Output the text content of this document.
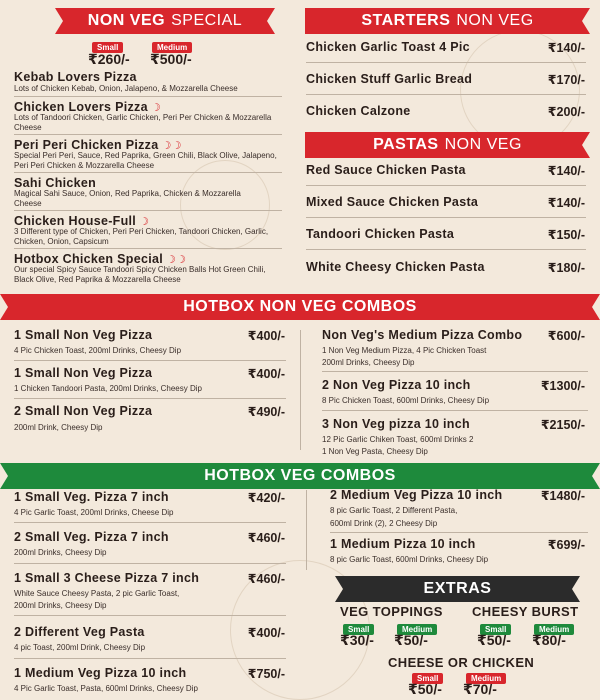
NON VEG SPECIAL
Small	Medium
₹260/- ₹500/-
Kebab Lovers Pizza
Lots of Chicken Kebab, Onion, Jalapeno, & Mozzarella Cheese
Chicken Lovers Pizza ☽
Lots of Tandoori Chicken, Garlic Chicken, Peri Per Chicken & Mozzarella Cheese
Peri Peri Chicken Pizza ☽☽
Special Peri Peri, Sauce, Red Paprika, Green Chili, Black Olive, Jalapeno, Peri Peri Chicken & Mozzarella Cheese
Sahi Chicken
Magical Sahi Sauce, Onion, Red Paprika, Chicken & Mozzarella Cheese
Chicken House-Full ☽
3 Different type of Chicken, Peri Peri Chicken, Tandoori Chicken, Garlic, Chicken, Onion, Capsicum
Hotbox Chicken Special ☽☽
Our special Spicy Sauce Tandoori Spicy Chicken Balls Hot Green Chili, Black Olive, Red Paprika & Mozzarella Cheese
STARTERS NON VEG
Chicken Garlic Toast 4 Pic	₹140/-
Chicken Stuff Garlic Bread	₹170/-
Chicken Calzone	₹200/-
PASTAS NON VEG
Red Sauce Chicken Pasta	₹140/-
Mixed Sauce Chicken Pasta	₹140/-
Tandoori Chicken Pasta	₹150/-
White Cheesy Chicken Pasta	₹180/-
HOTBOX NON VEG COMBOS
1 Small Non Veg Pizza	₹400/-
4 Pic Chicken Toast, 200ml Drinks, Cheesy Dip
1 Small Non Veg Pizza	₹400/-
1 Chicken Tandoori Pasta, 200ml Drinks, Cheesy Dip
2 Small Non Veg Pizza	₹490/-
200ml Drink, Cheesy Dip
Non Veg's Medium Pizza Combo	₹600/-
1 Non Veg Medium Pizza, 4 Pic Chicken Toast
200ml Drinks, Cheesy Dip
2 Non Veg Pizza 10 inch	₹1300/-
8 Pic Chicken Toast, 600ml Drinks, Cheesy Dip
3 Non Veg pizza 10 inch	₹2150/-
12 Pic Garlic Chiken Toast, 600ml Drinks 2
1 Non Veg Pasta, Cheesy Dip
HOTBOX VEG COMBOS
1 Small Veg. Pizza 7 inch	₹420/-
4 Pic Garlic Toast, 200ml Drinks, Cheese Dip
2 Small Veg. Pizza 7 inch	₹460/-
200ml Drinks, Cheesy Dip
1 Small 3 Cheese Pizza 7 inch	₹460/-
White Sauce Cheesy Pasta, 2 pic Garlic Toast,
200ml Drinks, Cheesy Dip
2 Different Veg Pasta	₹400/-
4 pic Toast, 200ml Drink, Cheesy Dip
1 Medium Veg Pizza 10 inch	₹750/-
4 Pic Garlic Toast, Pasta, 600ml Drinks, Cheesy Dip
2 Medium Veg Pizza 10 inch	₹1480/-
8 pic Garlic Toast, 2 Different Pasta,
600ml Drink (2), 2 Cheesy Dip
1 Medium Pizza 10 inch	₹699/-
8 pic Garlic Toast, 600ml Drinks, Cheesy Dip
EXTRAS
VEG TOPPINGS
Small	Medium
₹30/- ₹50/-
CHEESY BURST
Small	Medium
₹50/- ₹80/-
CHEESE OR CHICKEN
Small	Medium
₹50/- ₹70/-
